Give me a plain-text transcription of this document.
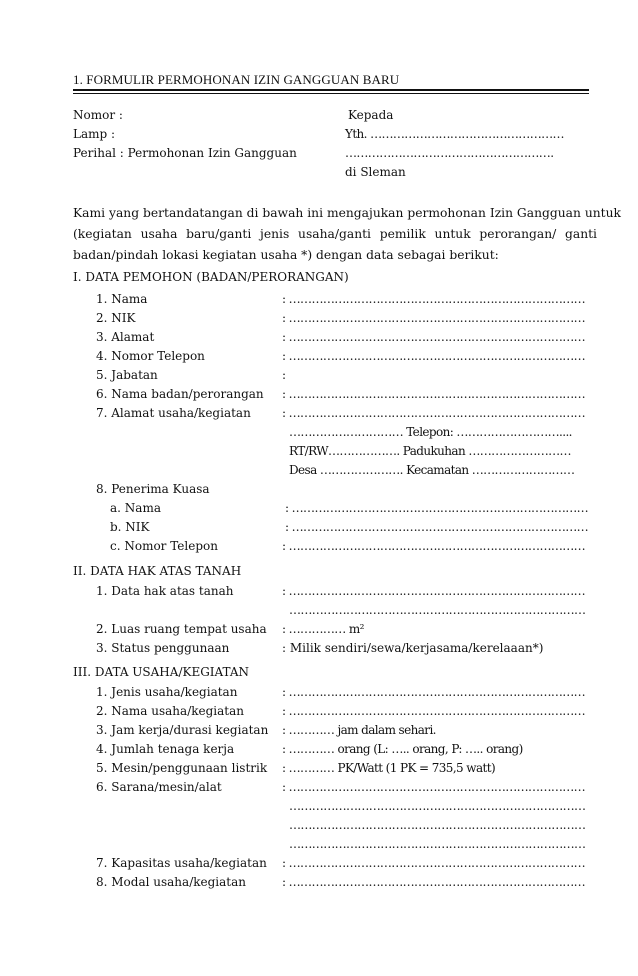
1. FORMULIR PERMOHONAN IZIN GANGGUAN BARU
Nomor :
Lamp :
Perihal : Permohonan Izin Gangguan
Kepada
Yth. ……………………………………………
……………………………………………….
di Sleman
Kami yang bertandatangan di bawah ini mengajukan permohonan Izin Gangguan untuk
(kegiatan usaha baru/ganti jenis usaha/ganti pemilik untuk perorangan/ ganti
badan/pindah lokasi kegiatan usaha *) dengan data sebagai berikut:
I. DATA PEMOHON (BADAN/PERORANGAN)
1. Nama	: ……………………………………………………………………
2. NIK	: ……………………………………………………………………
3. Alamat	: ……………………………………………………………………
4. Nomor Telepon	: ……………………………………………………………………
5. Jabatan	:
6. Nama badan/perorangan : ……………………………………………………………………
7. Alamat usaha/kegiatan	: ……………………………………………………………………
………………………… Telepon: ………………………....
RT/RW………………. Padukuhan ………………………
Desa …………………. Kecamatan ………………………
8. Penerima Kuasa
a. Nama	: ……………………………………………………………………
b. NIK	: ……………………………………………………………………
c. Nomor Telepon	: ……………………………………………………………………
II. DATA HAK ATAS TANAH
1. Data hak atas tanah	: ……………………………………………………………………
……………………………………………………………………
2. Luas ruang tempat usaha : …………… m²
3. Status penggunaan	: Milik sendiri/sewa/kerjasama/kerelaaan*)
III. DATA USAHA/KEGIATAN
1. Jenis usaha/kegiatan	: ……………………………………………………………………
2. Nama usaha/kegiatan	: ……………………………………………………………………
3. Jam kerja/durasi kegiatan : ………… jam dalam sehari.
4. Jumlah tenaga kerja	: ………… orang (L: ….. orang, P: ….. orang)
5. Mesin/penggunaan listrik : ………… PK/Watt (1 PK = 735,5 watt)
6. Sarana/mesin/alat	: ……………………………………………………………………
……………………………………………………………………
……………………………………………………………………
……………………………………………………………………
7. Kapasitas usaha/kegiatan : ……………………………………………………………………
8. Modal usaha/kegiatan	: ……………………………………………………………………
